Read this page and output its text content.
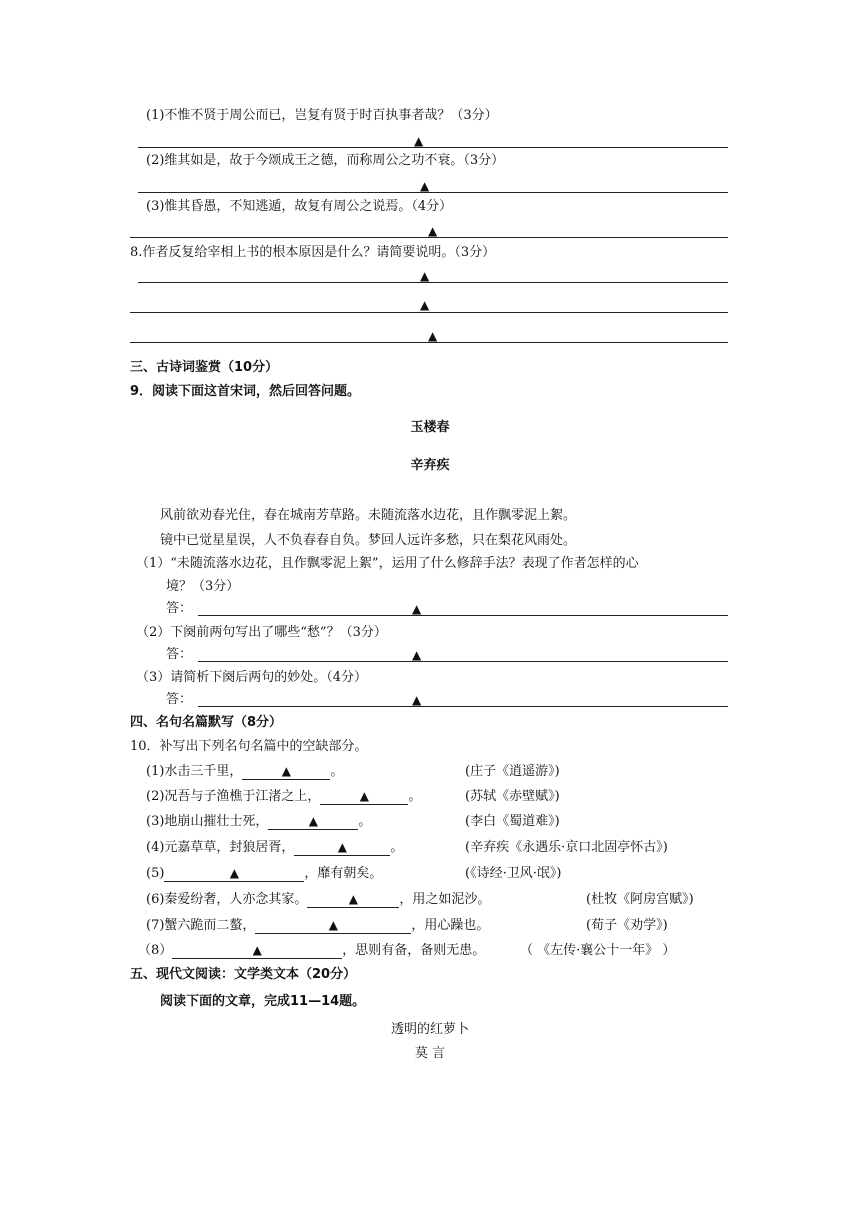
(1)不惟不贤于周公而已，岂复有贤于时百执事者哉？（3分）
▲
(2)维其如是，故于今颂成王之德，而称周公之功不衰。（3分）
▲
(3)惟其昏愚，不知逃遁，故复有周公之说焉。（4分）
▲
8.作者反复给宰相上书的根本原因是什么？请简要说明。（3分）
▲
▲
▲
三、古诗词鉴赏（10分）
9．阅读下面这首宋词，然后回答问题。
玉楼春
辛弃疾
风前欲劝春光住，春在城南芳草路。未随流落水边花，且作飘零泥上絮。
镜中已觉星星误，人不负春春自负。梦回人远许多愁，只在梨花风雨处。
（1）“未随流落水边花，且作飘零泥上絮”，运用了什么修辞手法？表现了作者怎样的心
境？（3分）
答：	▲
（2）下阕前两句写出了哪些“愁”？（3分）
答：	▲
（3）请简析下阕后两句的妙处。（4分）
答：	▲
四、名句名篇默写（8分）
10．补写出下列名句名篇中的空缺部分。
(1)水击三千里，	▲	。	(庄子《逍遥游》)
(2)况吾与子渔樵于江渚之上，	▲	。	(苏轼《赤壁赋》)
(3)地崩山摧壮士死，	▲	。	(李白《蜀道难》)
(4)元嘉草草，封狼居胥，	▲	。	(辛弃疾《永遇乐·京口北固亭怀古》)
(5)	▲	，靡有朝矣。	(《诗经·卫风·氓》)
(6)秦爱纷奢，人亦念其家。	▲	，用之如泥沙。	(杜牧《阿房宫赋》)
(7)蟹六跪而二螯，	▲	，用心躁也。	(荀子《劝学》)
（8）	▲	，思则有备，备则无患。	（ 《左传·襄公十一年》 ）
五、现代文阅读：文学类文本（20分）
阅读下面的文章，完成11—14题。
透明的红萝卜
莫 言
